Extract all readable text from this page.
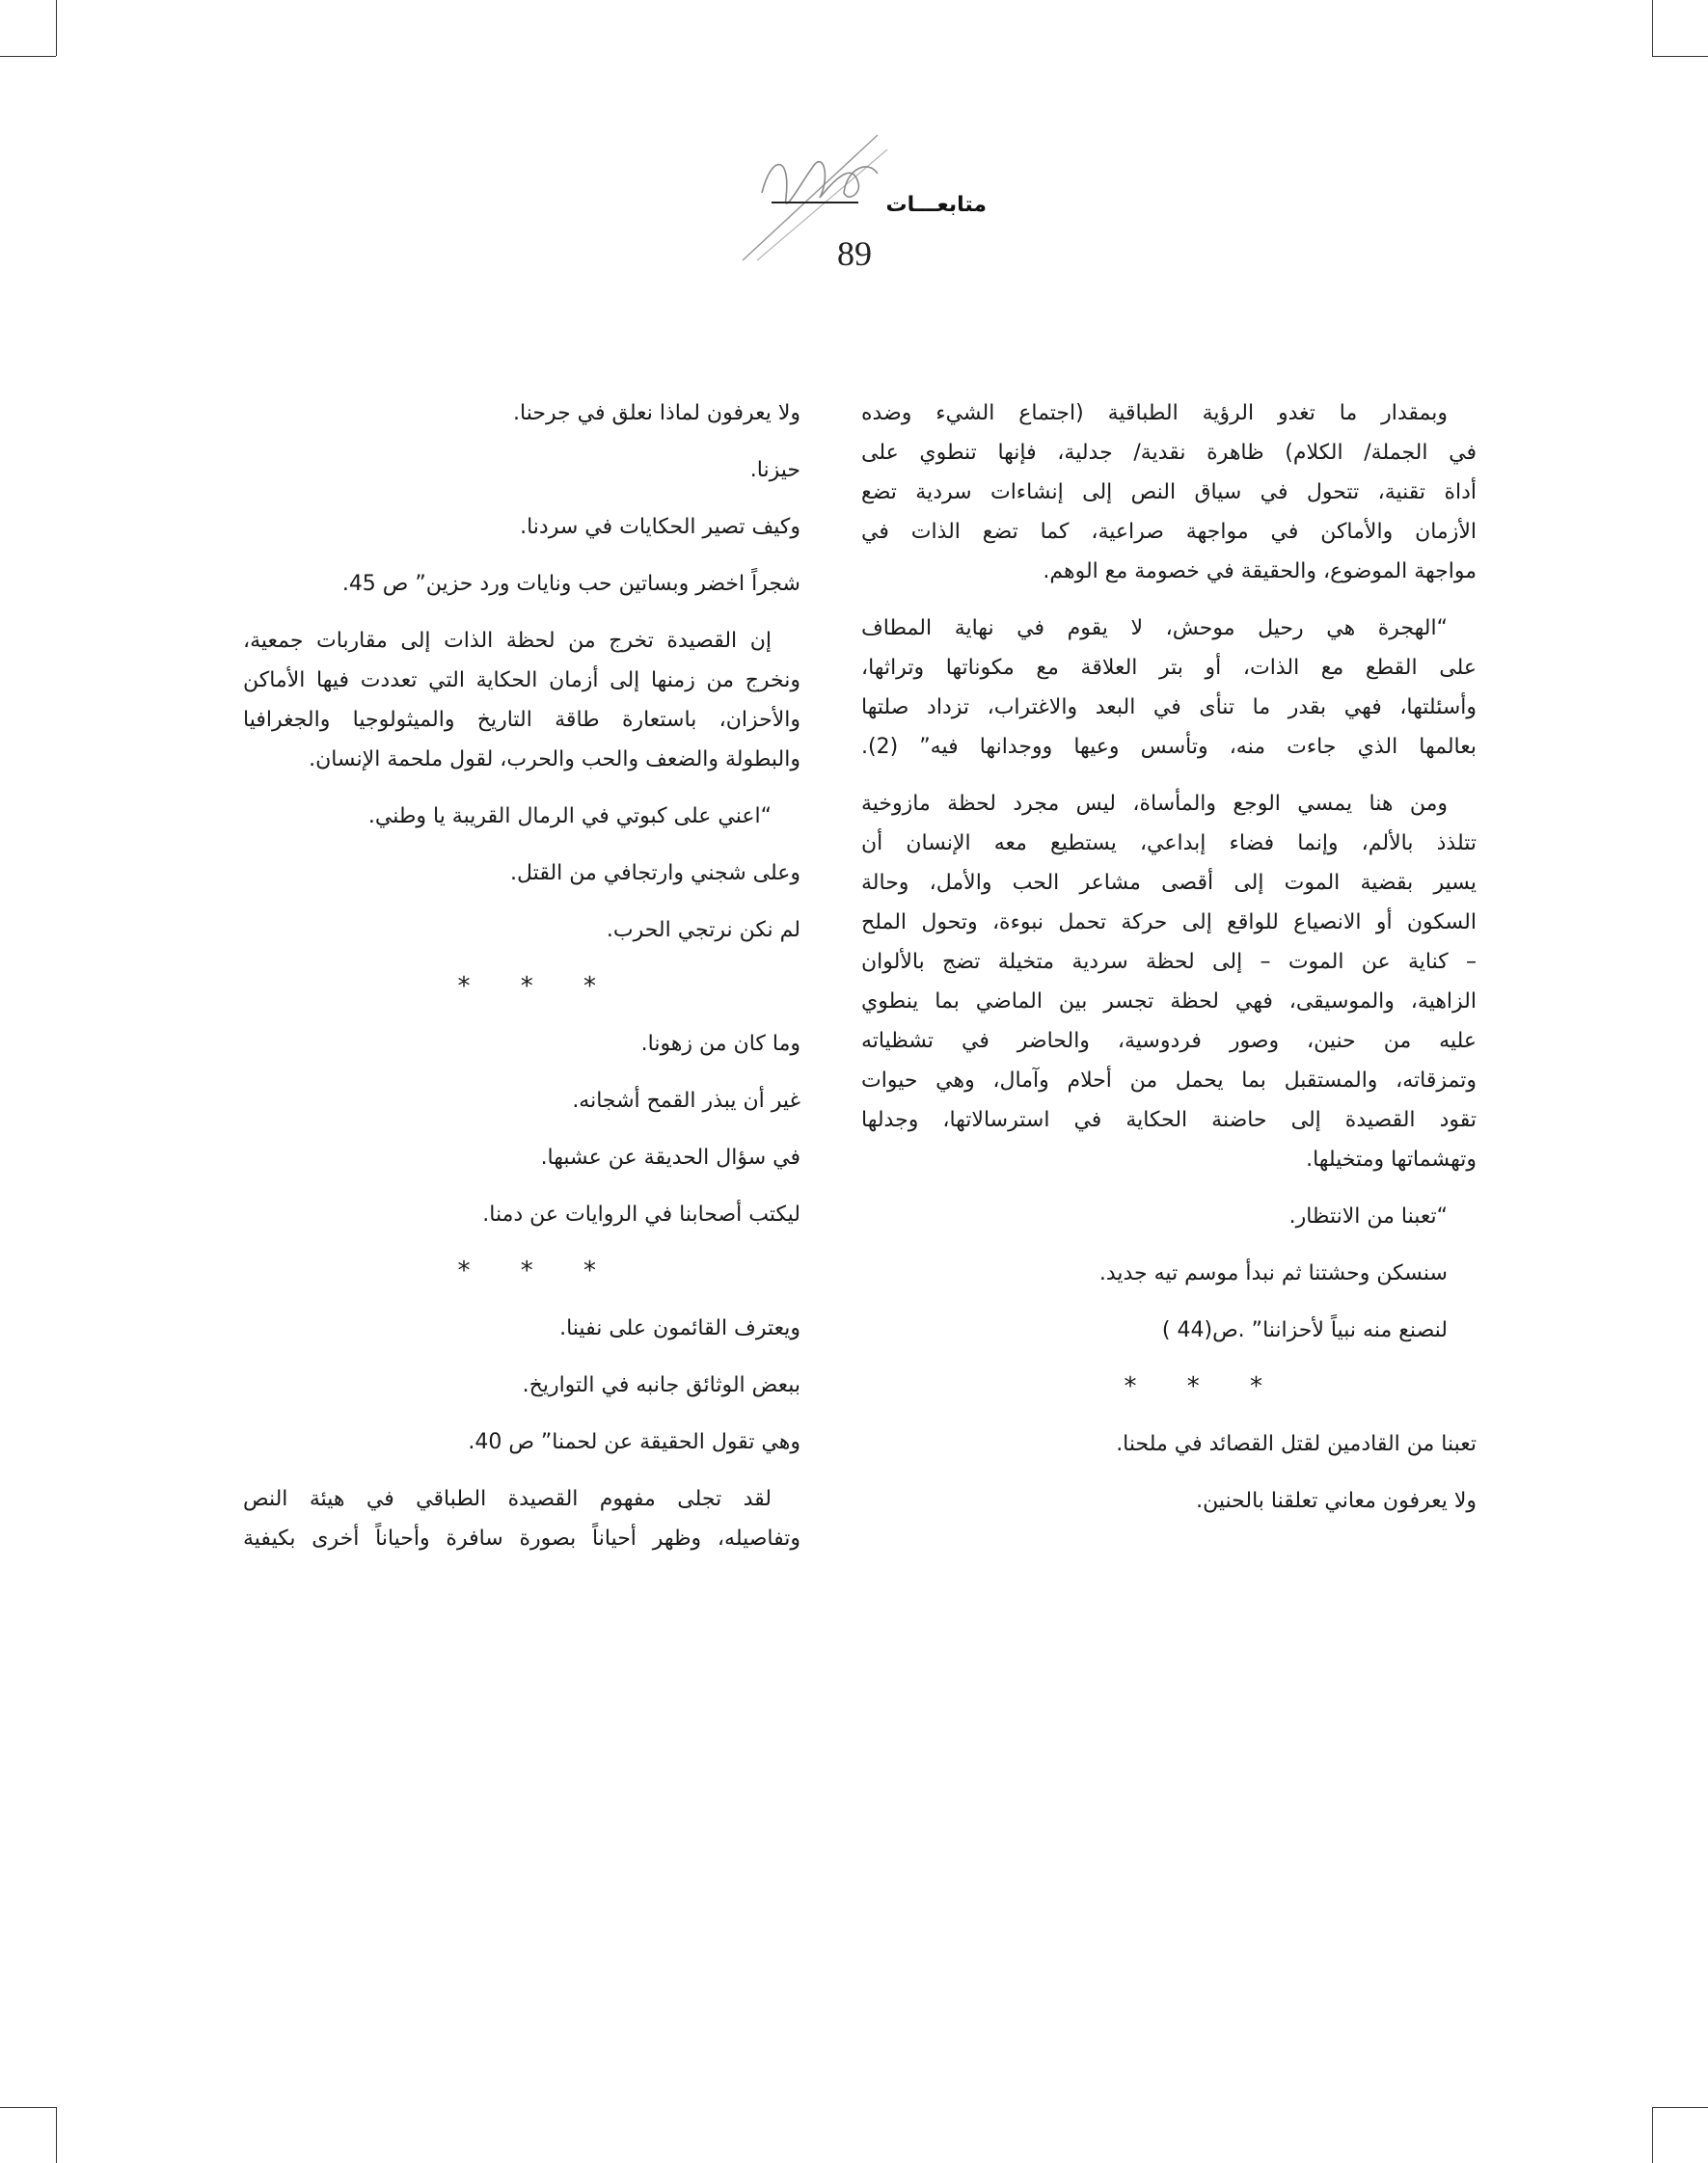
متابعـــات
89
وبمقدار ما تغدو الرؤية الطباقية (اجتماع الشيء وضده
في الجملة/ الكلام) ظاهرة نقدية/ جدلية، فإنها تنطوي على
أداة تقنية، تتحول في سياق النص إلى إنشاءات سردية تضع
الأزمان والأماكن في مواجهة صراعية، كما تضع الذات في
مواجهة الموضوع، والحقيقة في خصومة مع الوهم.
“الهجرة هي رحيل موحش، لا يقوم في نهاية المطاف
على القطع مع الذات، أو بتر العلاقة مع مكوناتها وتراثها،
وأسئلتها، فهي بقدر ما تنأى في البعد والاغتراب، تزداد صلتها
بعالمها الذي جاءت منه، وتأسس وعيها ووجدانها فيه” (2).
ومن هنا يمسي الوجع والمأساة، ليس مجرد لحظة مازوخية
تتلذذ بالألم، وإنما فضاء إبداعي، يستطيع معه الإنسان أن
يسير بقضية الموت إلى أقصى مشاعر الحب والأمل، وحالة
السكون أو الانصياع للواقع إلى حركة تحمل نبوءة، وتحول الملح
– كناية عن الموت – إلى لحظة سردية متخيلة تضج بالألوان
الزاهية، والموسيقى، فهي لحظة تجسر بين الماضي بما ينطوي
عليه من حنين، وصور فردوسية، والحاضر في تشظياته
وتمزقاته، والمستقبل بما يحمل من أحلام وآمال، وهي حيوات
تقود القصيدة إلى حاضنة الحكاية في استرسالاتها، وجدلها
وتهشماتها ومتخيلها.
“تعبنا من الانتظار.
سنسكن وحشتنا ثم نبدأ موسم تيه جديد.
لنصنع منه نبياً لأحزاننا” .ص(44 )
* * *
تعبنا من القادمين لقتل القصائد في ملحنا.
ولا يعرفون معاني تعلقنا بالحنين.
ولا يعرفون لماذا نعلق في جرحنا.
حيزنا.
وكيف تصير الحكايات في سردنا.
شجراً اخضر وبساتين حب ونايات ورد حزين” ص 45.
إن القصيدة تخرج من لحظة الذات إلى مقاربات جمعية،
ونخرج من زمنها إلى أزمان الحكاية التي تعددت فيها الأماكن
والأحزان، باستعارة طاقة التاريخ والميثولوجيا والجغرافيا
والبطولة والضعف والحب والحرب، لقول ملحمة الإنسان.
“اعني على كبوتي في الرمال القريبة يا وطني.
وعلى شجني وارتجافي من القتل.
لم نكن نرتجي الحرب.
* * *
وما كان من زهونا.
غير أن يبذر القمح أشجانه.
في سؤال الحديقة عن عشبها.
ليكتب أصحابنا في الروايات عن دمنا.
* * *
ويعترف القائمون على نفينا.
ببعض الوثائق جانبه في التواريخ.
وهي تقول الحقيقة عن لحمنا” ص 40.
لقد تجلى مفهوم القصيدة الطباقي في هيئة النص
وتفاصيله، وظهر أحياناً بصورة سافرة وأحياناً أخرى بكيفية
